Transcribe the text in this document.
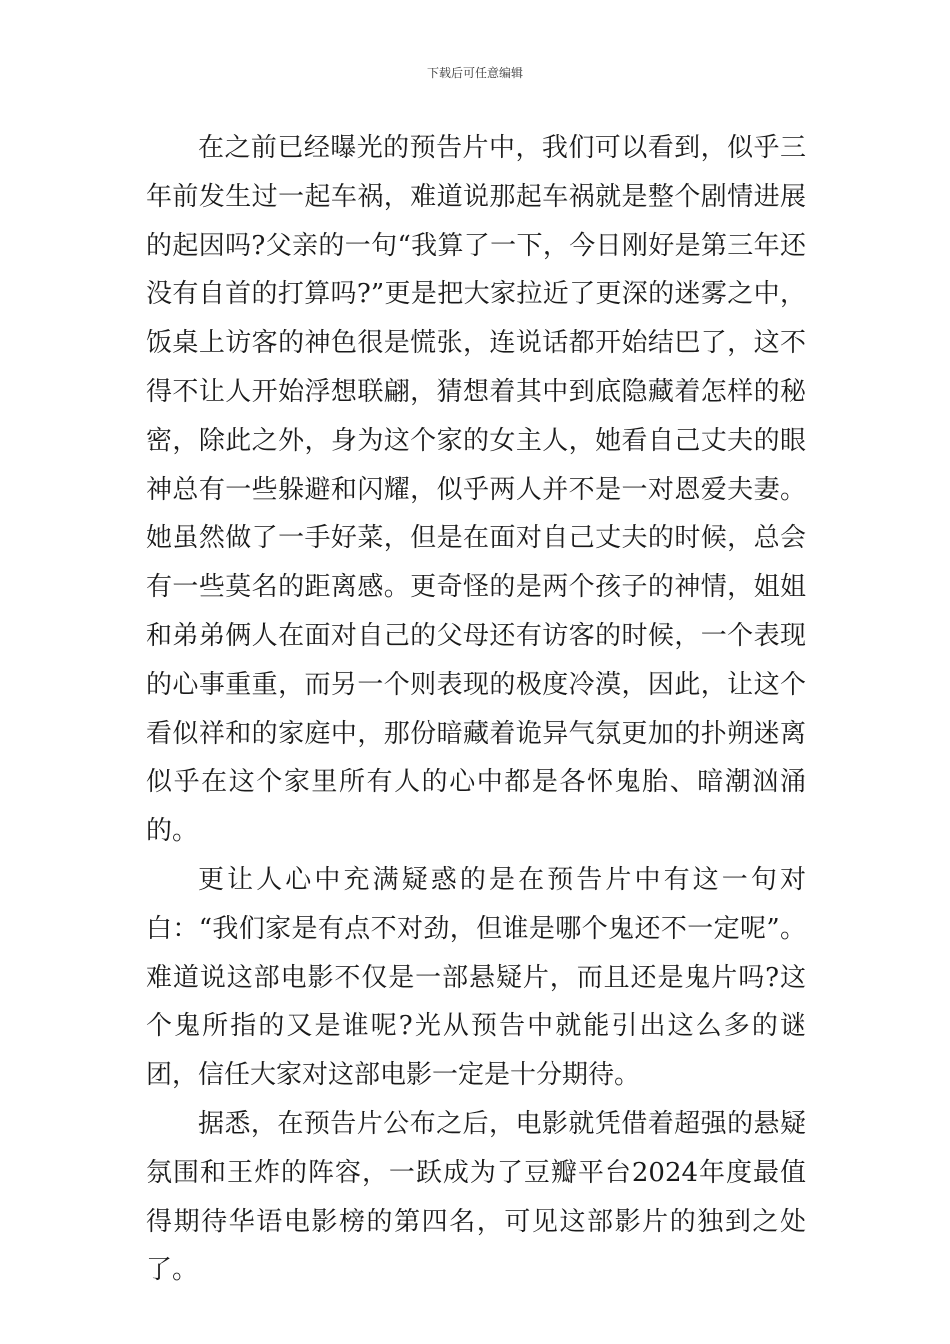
下载后可任意编辑

在之前已经曝光的预告片中，我们可以看到，似乎三年前发生过一起车祸，难道说那起车祸就是整个剧情进展的起因吗?父亲的一句“我算了一下，今日刚好是第三年还没有自首的打算吗?”更是把大家拉近了更深的迷雾之中，饭桌上访客的神色很是慌张，连说话都开始结巴了，这不得不让人开始浮想联翩，猜想着其中到底隐藏着怎样的秘密，除此之外，身为这个家的女主人，她看自己丈夫的眼神总有一些躲避和闪耀，似乎两人并不是一对恩爱夫妻。她虽然做了一手好菜，但是在面对自己丈夫的时候，总会有一些莫名的距离感。更奇怪的是两个孩子的神情，姐姐和弟弟俩人在面对自己的父母还有访客的时候，一个表现的心事重重，而另一个则表现的极度冷漠，因此，让这个看似祥和的家庭中，那份暗藏着诡异气氛更加的扑朔迷离似乎在这个家里所有人的心中都是各怀鬼胎、暗潮汹涌的。

更让人心中充满疑惑的是在预告片中有这一句对白：“我们家是有点不对劲，但谁是哪个鬼还不一定呢”。难道说这部电影不仅是一部悬疑片，而且还是鬼片吗?这个鬼所指的又是谁呢?光从预告中就能引出这么多的谜团，信任大家对这部电影一定是十分期待。

据悉，在预告片公布之后，电影就凭借着超强的悬疑氛围和王炸的阵容，一跃成为了豆瓣平台2024年度最值得期待华语电影榜的第四名，可见这部影片的独到之处了。
